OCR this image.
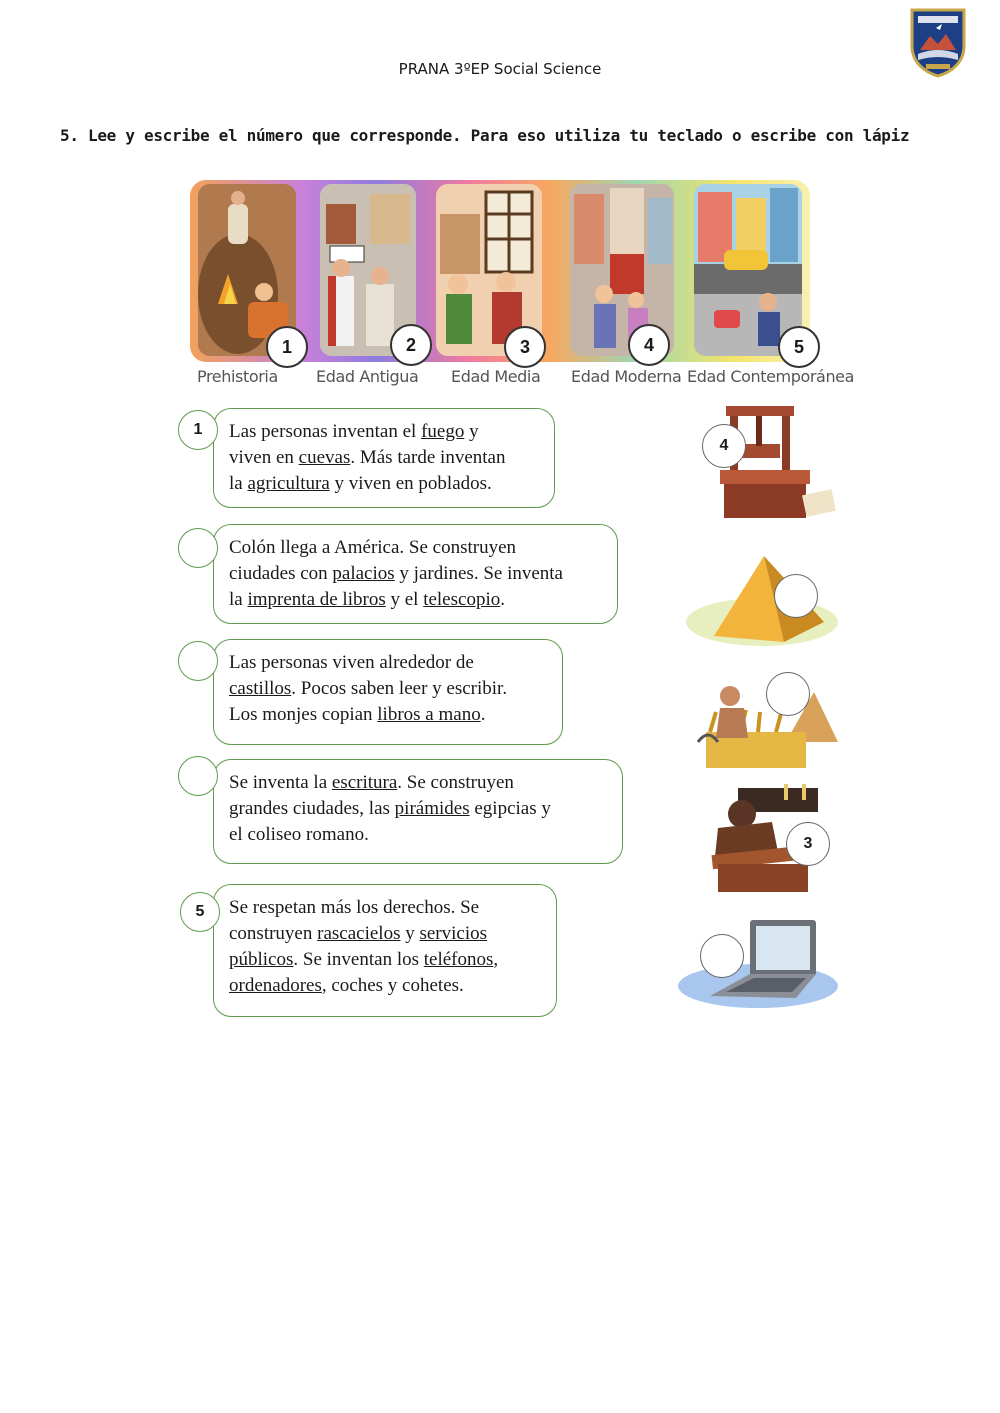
PRANA 3ºEP Social Science
5. Lee y escribe el número que corresponde. Para eso utiliza tu teclado o escribe con lápiz
1	2	3	4	5
Prehistoria Edad Antigua Edad Media Edad Moderna Edad Contemporánea
Las personas inventan el fuego y
viven en cuevas. Más tarde inventan
la agricultura y viven en poblados.
1
Colón llega a América. Se construyen
ciudades con palacios y jardines. Se inventa
la imprenta de libros y el telescopio.
Las personas viven alrededor de
castillos. Pocos saben leer y escribir.
Los monjes copian libros a mano.
Se inventa la escritura. Se construyen
grandes ciudades, las pirámides egipcias y
el coliseo romano.
Se respetan más los derechos. Se
construyen rascacielos y servicios
públicos. Se inventan los teléfonos,
ordenadores, coches y cohetes.
5
4
3
